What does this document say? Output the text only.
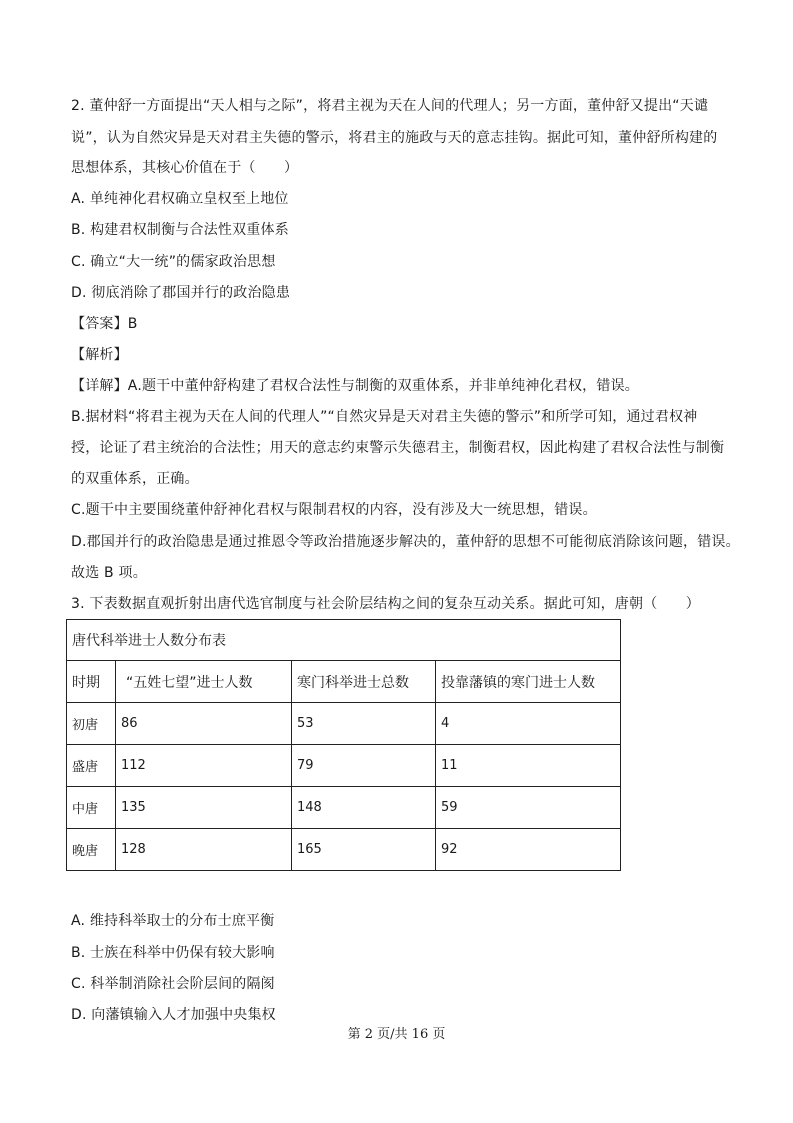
2. 董仲舒一方面提出“天人相与之际”，将君主视为天在人间的代理人；另一方面，董仲舒又提出“天谴
说”，认为自然灾异是天对君主失德的警示，将君主的施政与天的意志挂钩。据此可知，董仲舒所构建的
思想体系，其核心价值在于（　　）
A. 单纯神化君权确立皇权至上地位
B. 构建君权制衡与合法性双重体系
C. 确立“大一统”的儒家政治思想
D. 彻底消除了郡国并行的政治隐患
【答案】B
【解析】
【详解】A.题干中董仲舒构建了君权合法性与制衡的双重体系，并非单纯神化君权，错误。
B.据材料“将君主视为天在人间的代理人”“自然灾异是天对君主失德的警示”和所学可知，通过君权神
授，论证了君主统治的合法性；用天的意志约束警示失德君主，制衡君权，因此构建了君权合法性与制衡
的双重体系，正确。
C.题干中主要围绕董仲舒神化君权与限制君权的内容，没有涉及大一统思想，错误。
D.郡国并行的政治隐患是通过推恩令等政治措施逐步解决的，董仲舒的思想不可能彻底消除该问题，错误。
故选 B 项。
3. 下表数据直观折射出唐代选官制度与社会阶层结构之间的复杂互动关系。据此可知，唐朝（　　）
唐代科举进士人数分布表			
时期	“五姓七望”进士人数	寒门科举进士总数	投靠藩镇的寒门进士人数
初唐	86	53	4
盛唐	112	79	11
中唐	135	148	59
晚唐	128	165	92
A. 维持科举取士的分布士庶平衡
B. 士族在科举中仍保有较大影响
C. 科举制消除社会阶层间的隔阂
D. 向藩镇输入人才加强中央集权
第 2 页/共 16 页
